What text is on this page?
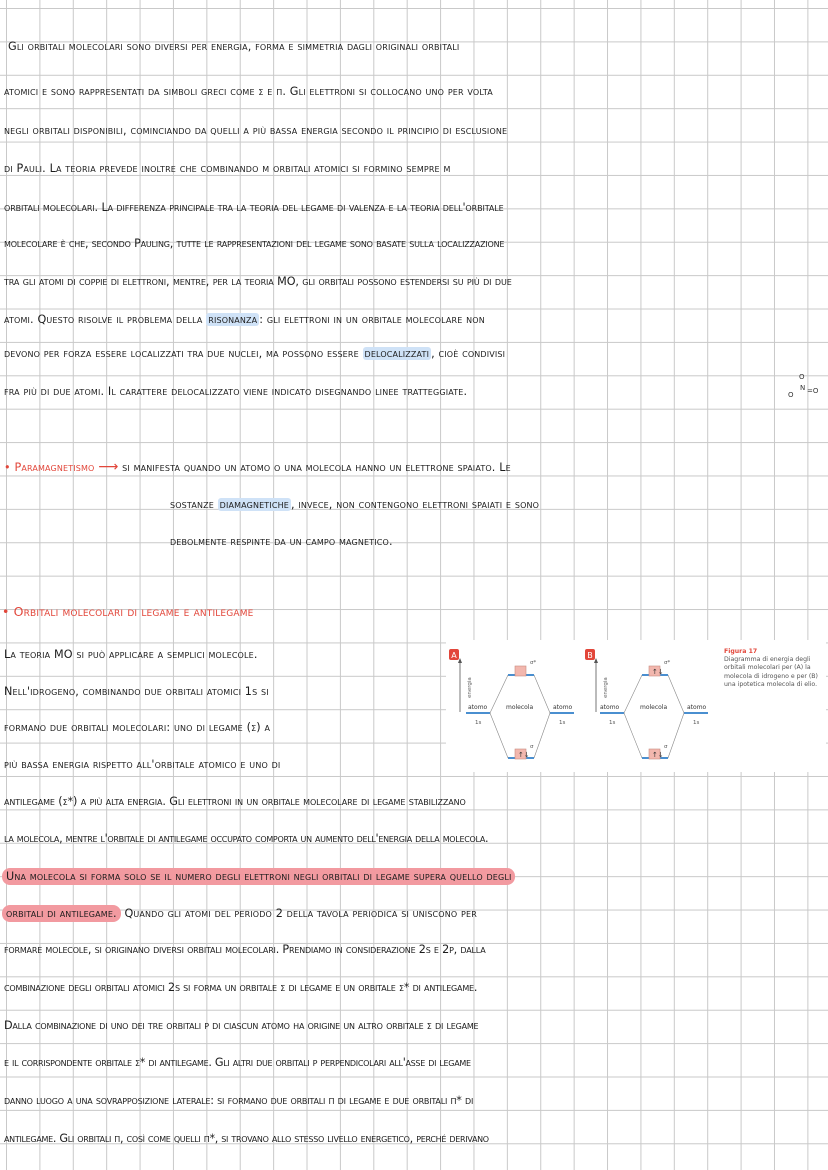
Gli orbitali molecolari sono diversi per energia, forma e simmetria dagli originali orbitali
atomici e sono rappresentati da simboli greci come σ e π. Gli elettroni si collocano uno per volta
negli orbitali disponibili, cominciando da quelli a più bassa energia secondo il principio di esclusione
di Pauli. La teoria prevede inoltre che combinando m orbitali atomici si formino sempre m
orbitali molecolari. La differenza principale tra la teoria del legame di valenza e la teoria dell'orbitale
molecolare è che, secondo Pauling, tutte le rappresentazioni del legame sono basate sulla localizzazione
tra gli atomi di coppie di elettroni, mentre, per la teoria MO, gli orbitali possono estendersi su più di due
atomi. Questo risolve il problema della risonanza : gli elettroni in un orbitale molecolare non
devono per forza essere localizzati tra due nuclei, ma possono essere delocalizzati , cioè condivisi
fra più di due atomi. Il carattere delocalizzato viene indicato disegnando linee tratteggiate.
O
N =O
O
• Paramagnetismo ⟶ si manifesta quando un atomo o una molecola hanno un elettrone spaiato. Le
sostanze diamagnetiche , invece, non contengono elettroni spaiati e sono
debolmente respinte da un campo magnetico.
• Orbitali molecolari di legame e antilegame
La teoria MO si può applicare a semplici molecole.
Nell'idrogeno, combinando due orbitali atomici 1s si
formano due orbitali molecolari: uno di legame (σ) a
più bassa energia rispetto all'orbitale atomico e uno di
antilegame (σ*) a più alta energia. Gli elettroni in un orbitale molecolare di legame stabilizzano
la molecola, mentre l'orbitale di antilegame occupato comporta un aumento dell'energia della molecola.
Una molecola si forma solo se il numero degli elettroni negli orbitali di legame supera quello degli
orbitali di antilegame. Quando gli atomi del periodo 2 della tavola periodica si uniscono per
formare molecole, si originano diversi orbitali molecolari. Prendiamo in considerazione 2s e 2p, dalla
combinazione degli orbitali atomici 2s si forma un orbitale σ di legame e un orbitale σ* di antilegame.
Dalla combinazione di uno dei tre orbitali p di ciascun atomo ha origine un altro orbitale σ di legame
e il corrispondente orbitale σ* di antilegame. Gli altri due orbitali p perpendicolari all'asse di legame
danno luogo a una sovrapposizione laterale: si formano due orbitali π di legame e due orbitali π* di
antilegame. Gli orbitali π, così come quelli π*, si trovano allo stesso livello energetico, perché derivano
A
energia
atomo	molecola	atomo
1s	1s
σ*
↑↓
σ
B
energia
atomo	molecola	atomo
1s	1s
↑↓
σ*
↑↓
σ
Figura 17
Diagramma di energia degli orbitali molecolari per (A) la molecola di idrogeno e per (B) una ipotetica molecola di elio.
